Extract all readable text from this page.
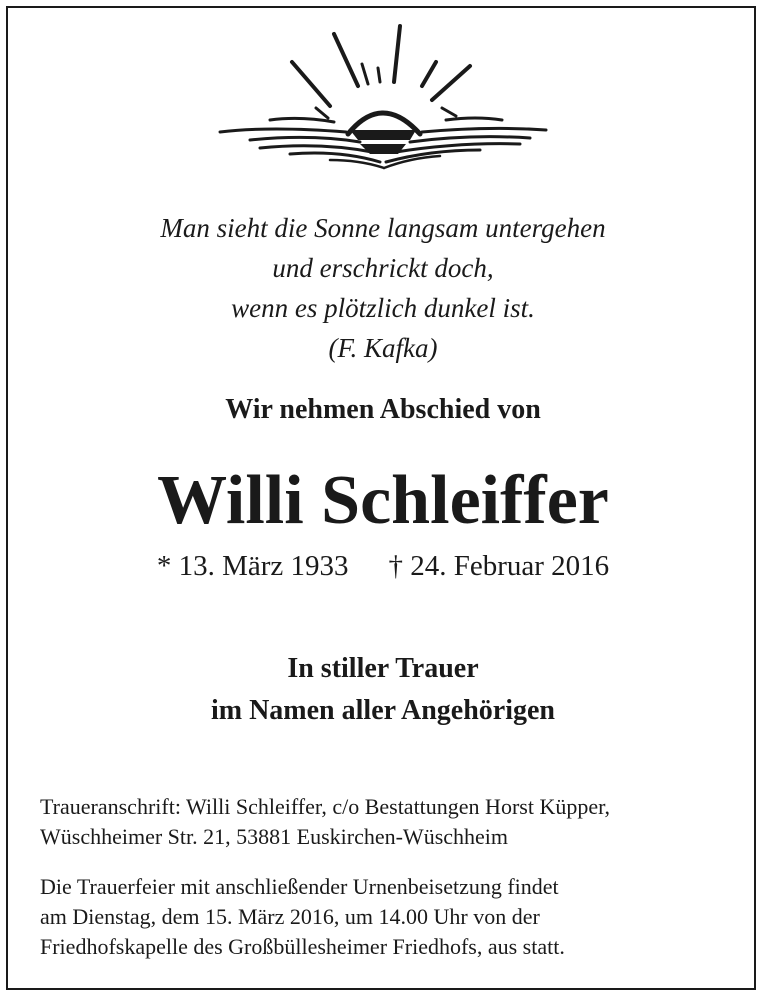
Man sieht die Sonne langsam untergehen
und erschrickt doch,
wenn es plötzlich dunkel ist.
(F. Kafka)
Wir nehmen Abschied von
Willi Schleiffer
* 13. März 1933 † 24. Februar 2016
In stiller Trauer
im Namen aller Angehörigen
Traueranschrift: Willi Schleiffer, c/o Bestattungen Horst Küpper,
Wüschheimer Str. 21, 53881 Euskirchen-Wüschheim
Die Trauerfeier mit anschließender Urnenbeisetzung findet
am Dienstag, dem 15. März 2016, um 14.00 Uhr von der
Friedhofskapelle des Großbüllesheimer Friedhofs, aus statt.
